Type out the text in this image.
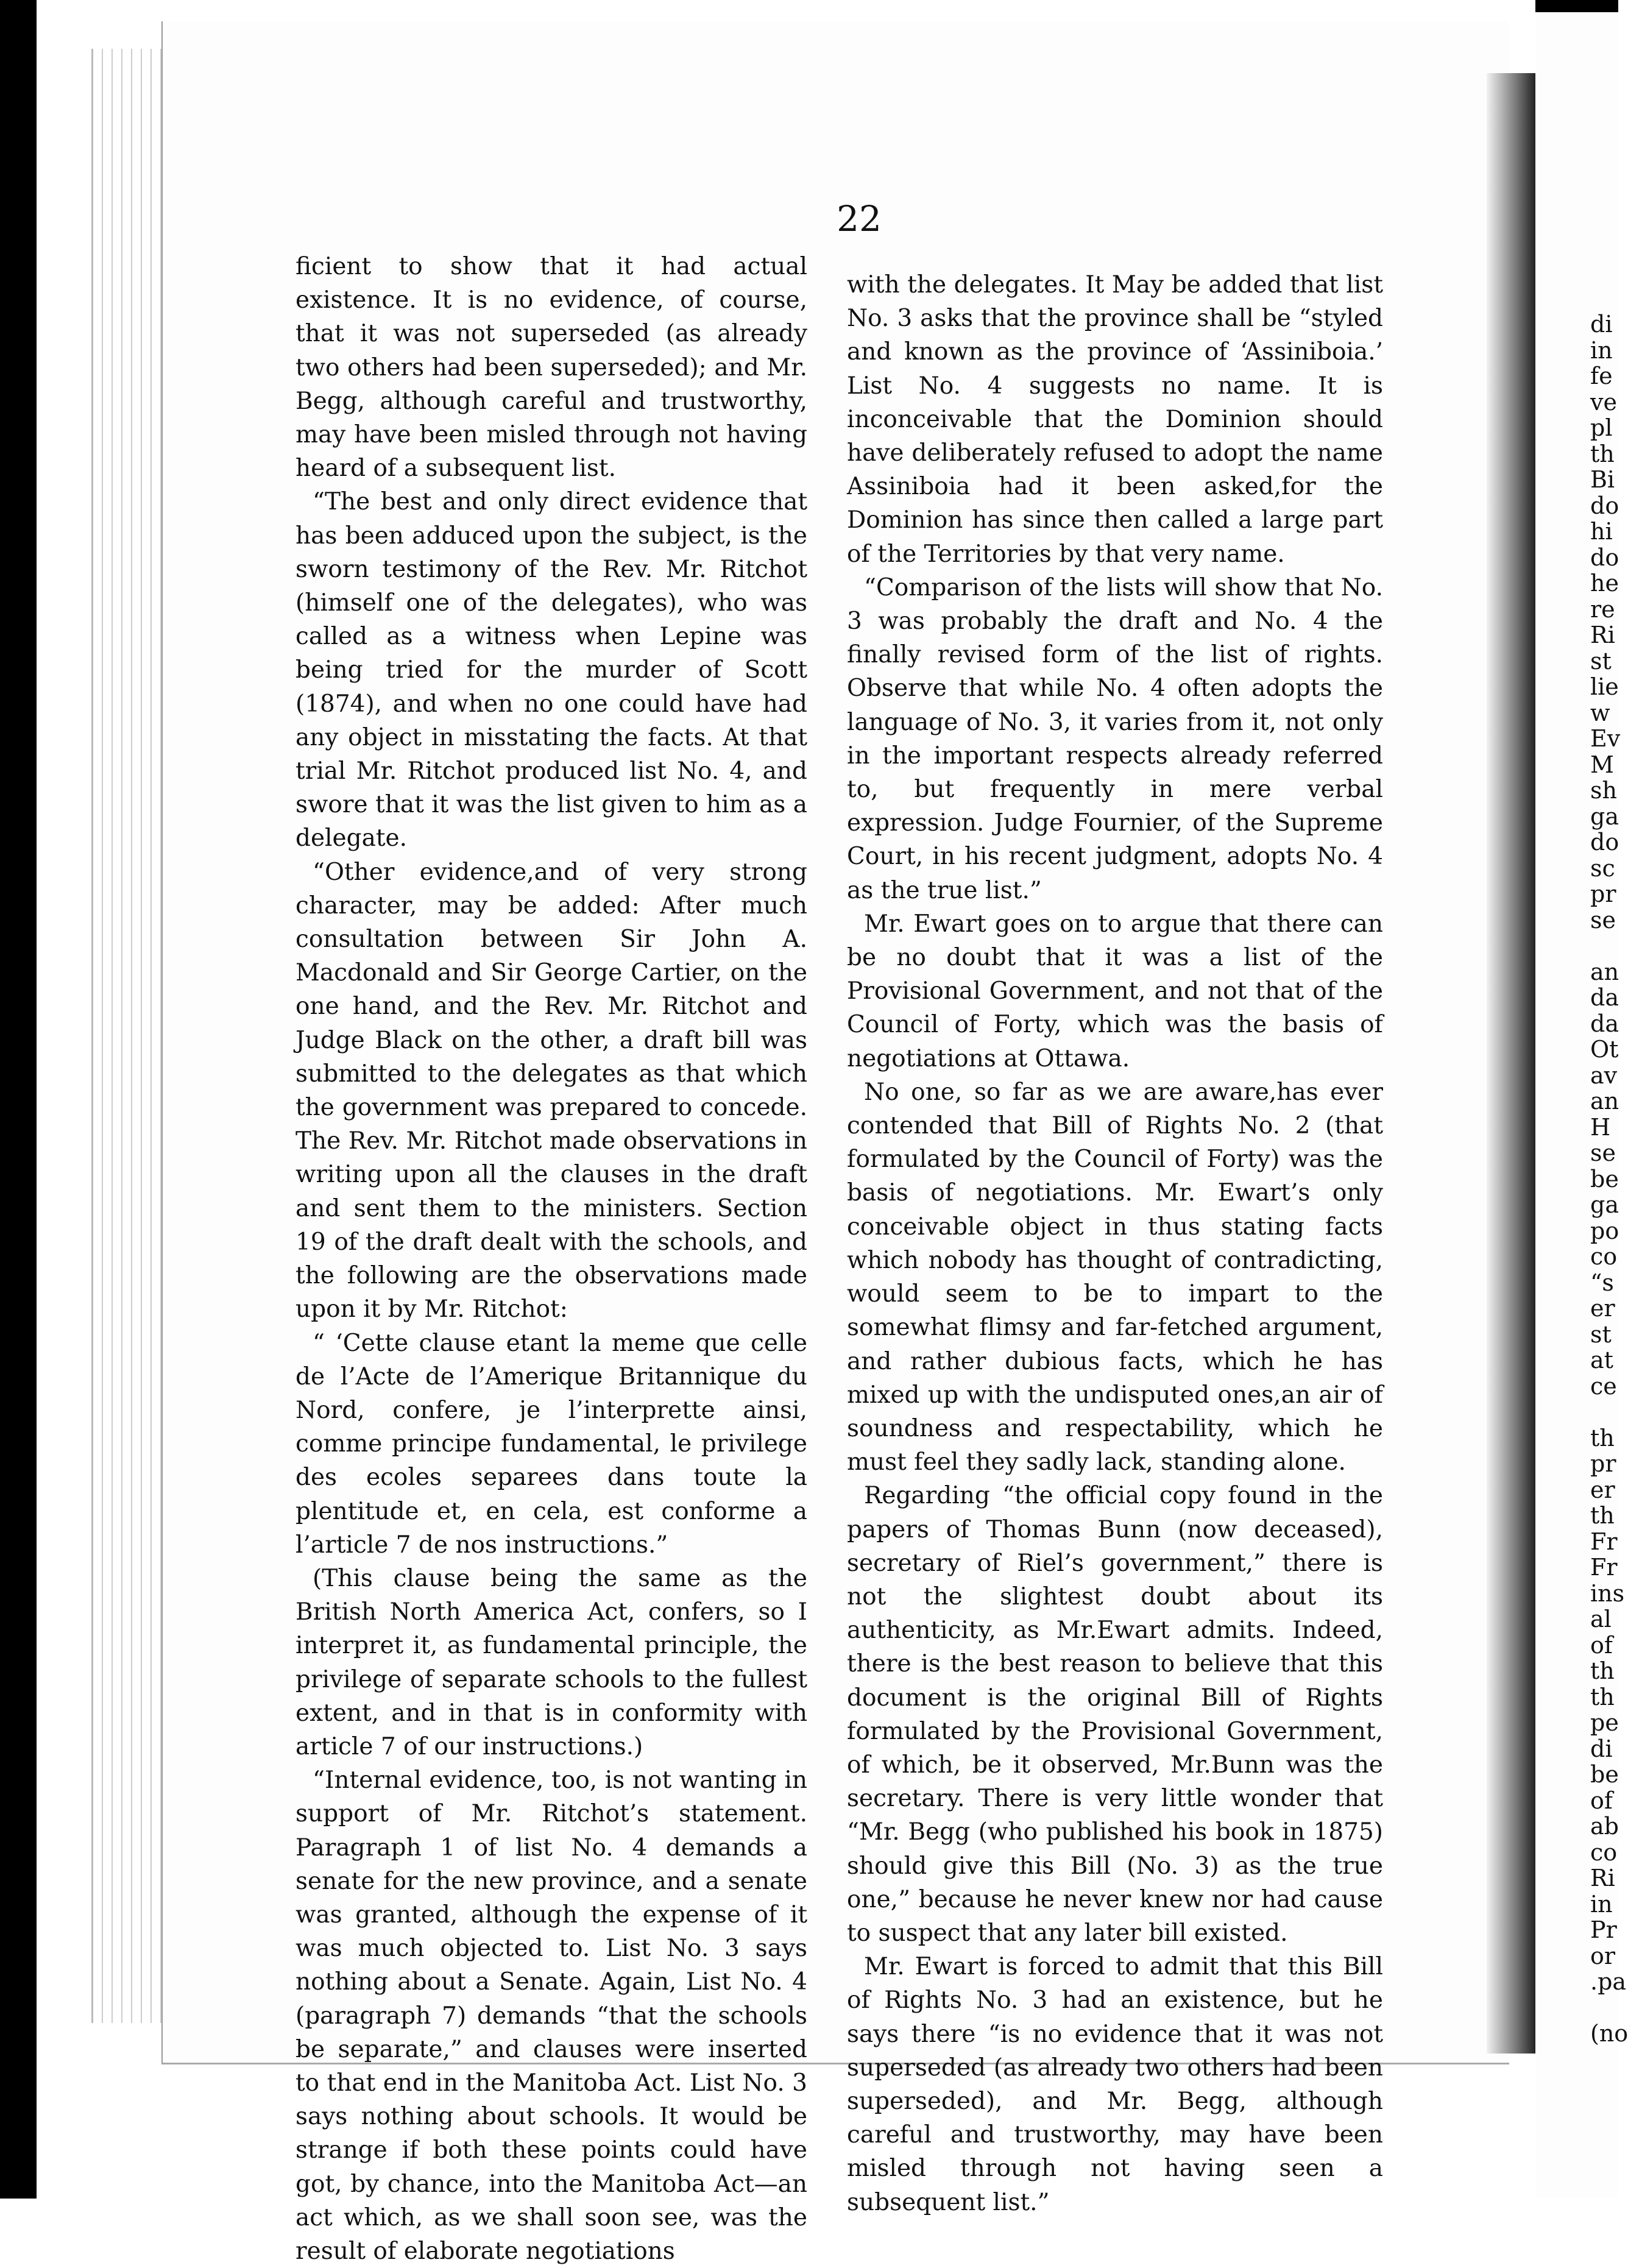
22

ficient to show that it had actual existence. It is no evidence, of course, that it was not superseded (as already two others had been superseded); and Mr. Begg, although careful and trustworthy, may have been misled through not having heard of a subsequent list.

“The best and only direct evidence that has been adduced upon the subject, is the sworn testimony of the Rev. Mr. Ritchot (himself one of the delegates), who was called as a witness when Lepine was being tried for the murder of Scott (1874), and when no one could have had any object in misstating the facts. At that trial Mr. Ritchot produced list No. 4, and swore that it was the list given to him as a delegate.

“Other evidence,and of very strong character, may be added: After much consultation between Sir John A. Macdonald and Sir George Cartier, on the one hand, and the Rev. Mr. Ritchot and Judge Black on the other, a draft bill was submitted to the delegates as that which the government was prepared to concede. The Rev. Mr. Ritchot made observations in writing upon all the clauses in the draft and sent them to the ministers. Section 19 of the draft dealt with the schools, and the following are the observations made upon it by Mr. Ritchot:

“ ‘Cette clause etant la meme que celle de l’Acte de l’Amerique Britannique du Nord, confere, je l’interprette ainsi, comme principe fundamental, le privilege des ecoles separees dans toute la plentitude et, en cela, est conforme a l’article 7 de nos instructions.”

(This clause being the same as the British North America Act, confers, so I interpret it, as fundamental principle, the privilege of separate schools to the fullest extent, and in that is in conformity with article 7 of our instructions.)

“Internal evidence, too, is not wanting in support of Mr. Ritchot’s statement. Paragraph 1 of list No. 4 demands a senate for the new province, and a senate was granted, although the expense of it was much objected to. List No. 3 says nothing about a Senate. Again, List No. 4 (paragraph 7) demands “that the schools be separate,” and clauses were inserted to that end in the Manitoba Act. List No. 3 says nothing about schools. It would be strange if both these points could have got, by chance, into the Manitoba Act—an act which, as we shall soon see, was the result of elaborate negotiations

with the delegates. It May be added that list No. 3 asks that the province shall be “styled and known as the province of ‘Assiniboia.’ List No. 4 suggests no name. It is inconceivable that the Dominion should have deliberately refused to adopt the name Assiniboia had it been asked,for the Dominion has since then called a large part of the Territories by that very name.

“Comparison of the lists will show that No. 3 was probably the draft and No. 4 the finally revised form of the list of rights. Observe that while No. 4 often adopts the language of No. 3, it varies from it, not only in the important respects already referred to, but frequently in mere verbal expression. Judge Fournier, of the Supreme Court, in his recent judgment, adopts No. 4 as the true list.”

Mr. Ewart goes on to argue that there can be no doubt that it was a list of the Provisional Government, and not that of the Council of Forty, which was the basis of negotiations at Ottawa.

No one, so far as we are aware,has ever contended that Bill of Rights No. 2 (that formulated by the Council of Forty) was the basis of negotiations. Mr. Ewart’s only conceivable object in thus stating facts which nobody has thought of contradicting, would seem to be to impart to the somewhat flimsy and far-fetched argument, and rather dubious facts, which he has mixed up with the undisputed ones,an air of soundness and respectability, which he must feel they sadly lack, standing alone.

Regarding “the official copy found in the papers of Thomas Bunn (now deceased), secretary of Riel’s government,” there is not the slightest doubt about its authenticity, as Mr.Ewart admits. Indeed, there is the best reason to believe that this document is the original Bill of Rights formulated by the Provisional Government, of which, be it observed, Mr.Bunn was the secretary. There is very little wonder that “Mr. Begg (who published his book in 1875) should give this Bill (No. 3) as the true one,” because he never knew nor had cause to suspect that any later bill existed.

Mr. Ewart is forced to admit that this Bill of Rights No. 3 had an existence, but he says there “is no evidence that it was not superseded (as already two others had been superseded), and Mr. Begg, although careful and trustworthy, may have been misled through not having seen a subsequent list.”

di
in
fe
ve
pl
th
Bi
do
hi
do
he
re
Ri
st
lie
w
Ev
M
sh
ga
do
sc
pr
se
an
da
da
Ot
av
an
H
se
be
ga
po
co
“s
er
st
at
ce
th
pr
er
th
Fr
Fr
ins
al
of
th
th
pe
di
be
of
ab
co
Ri
in
Pr
or
.pa
(no
